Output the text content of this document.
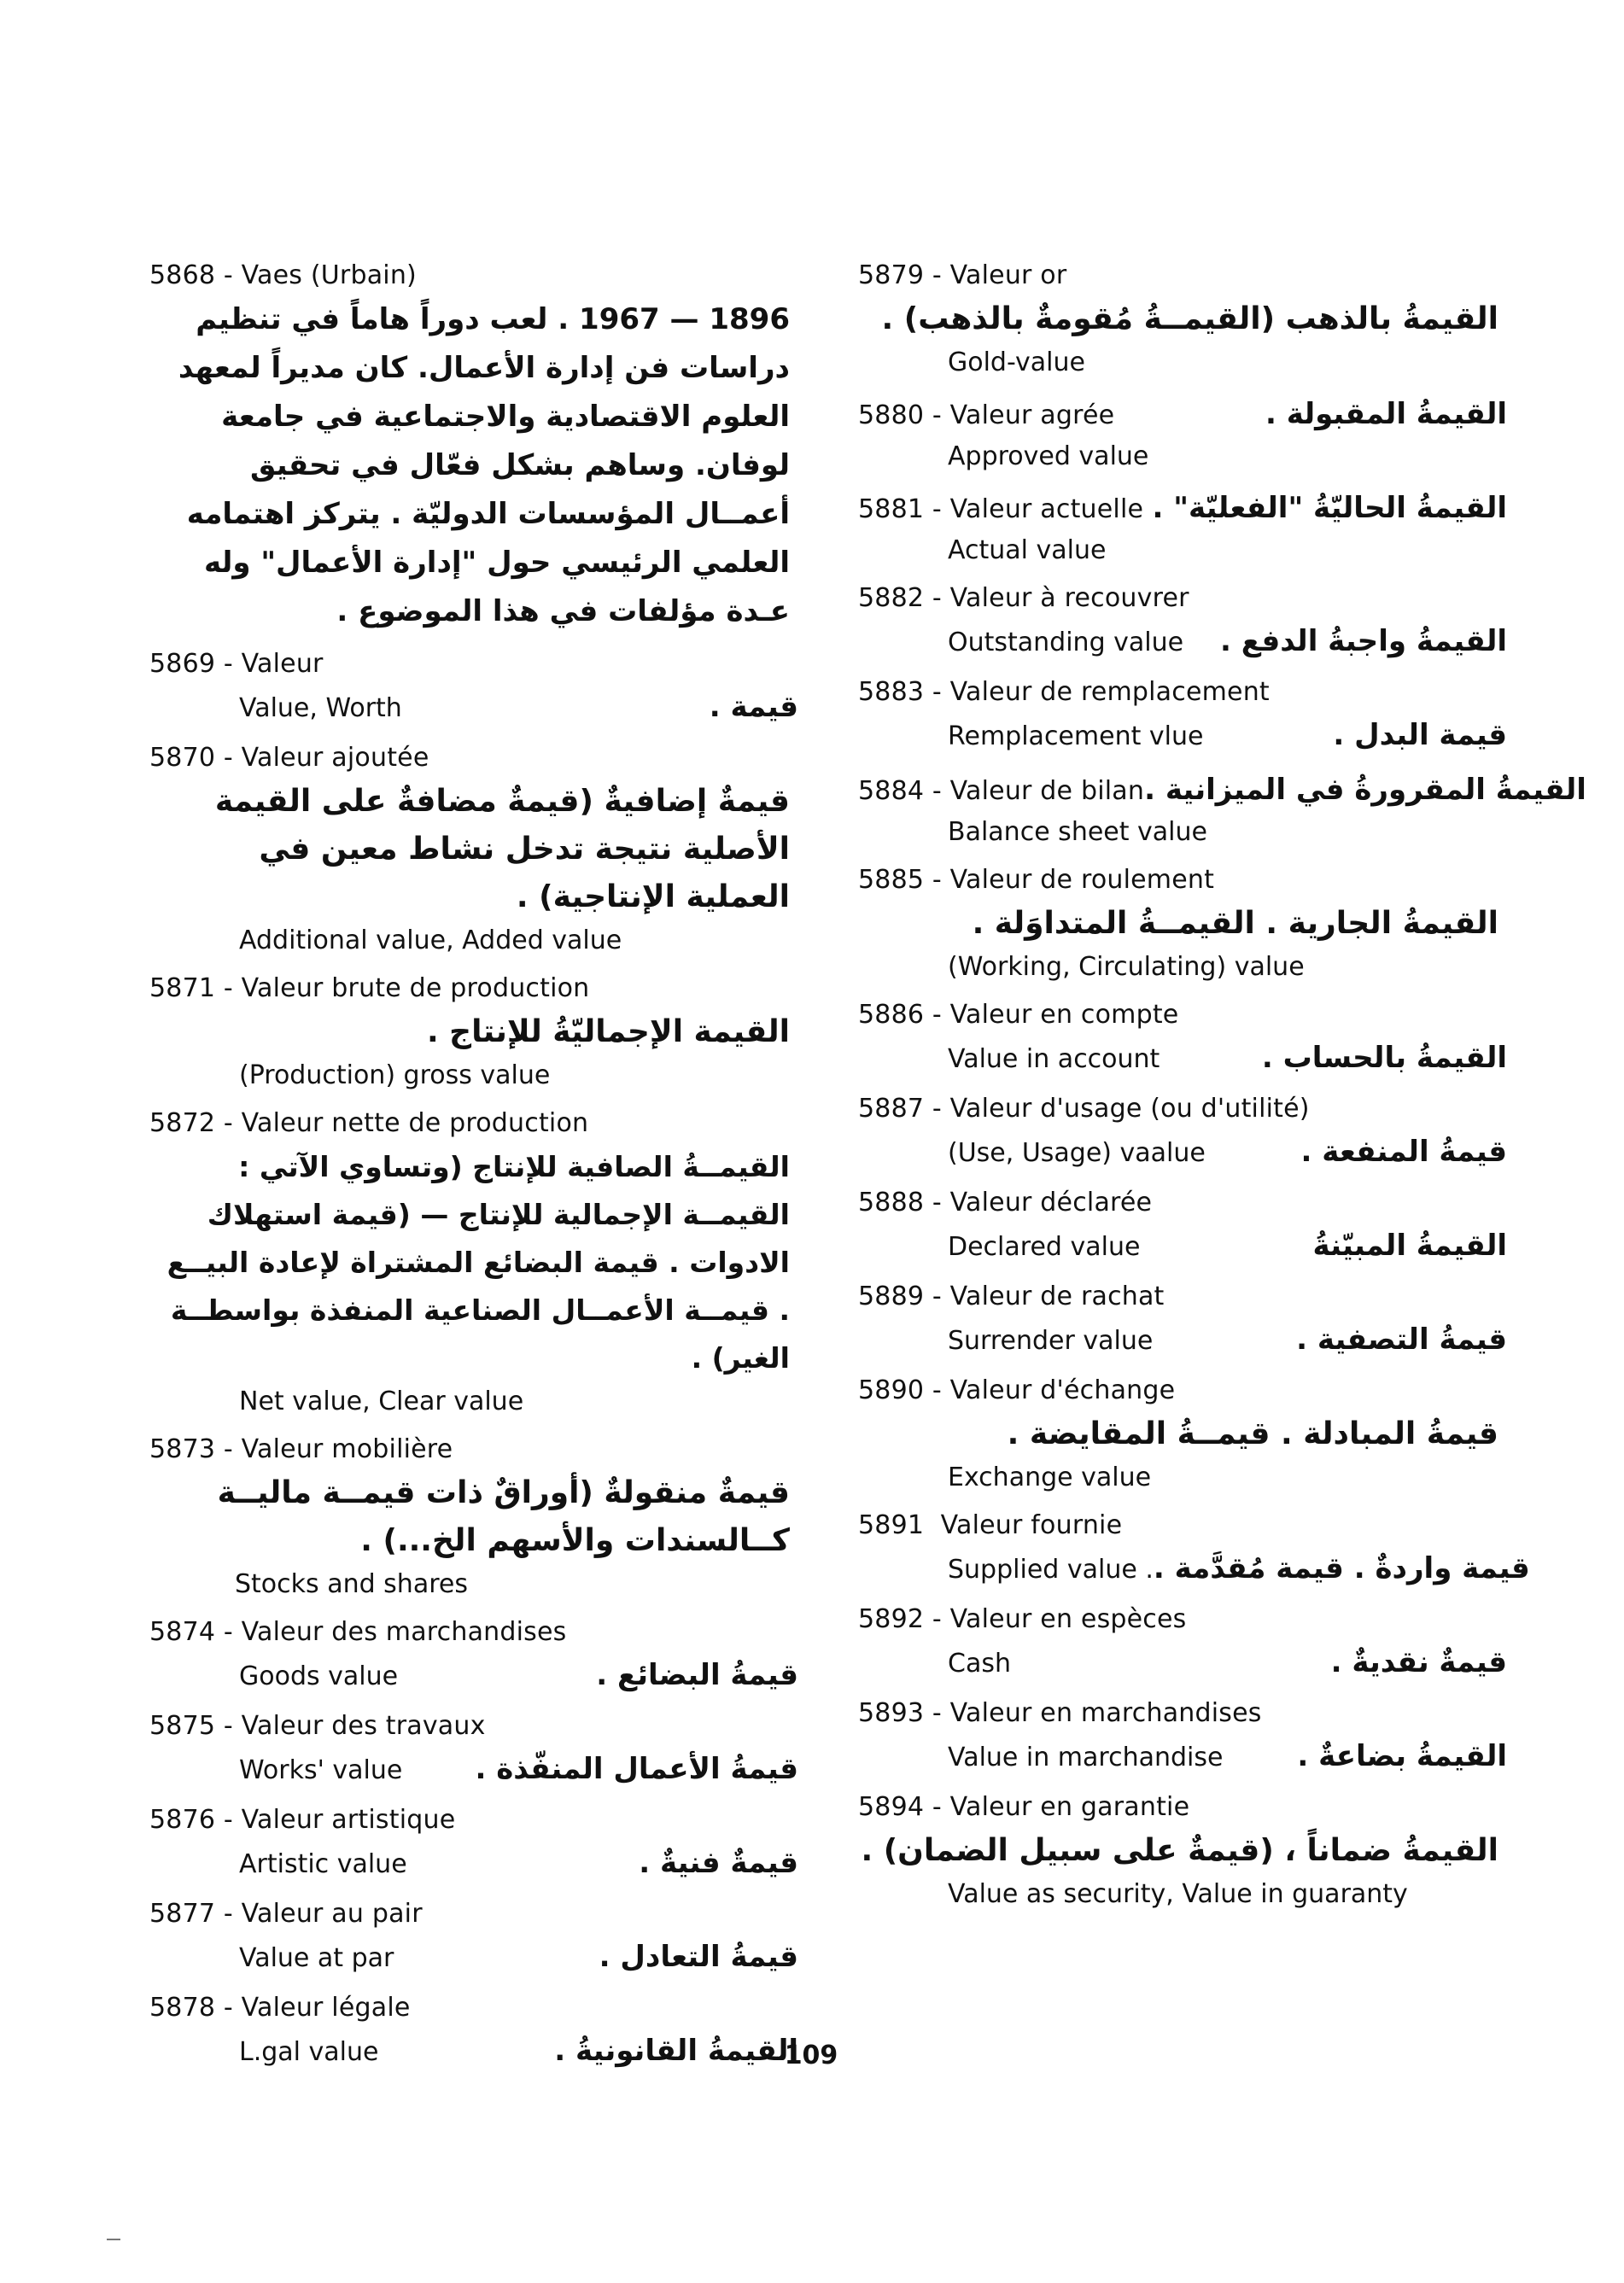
5868 - Vaes (Urbain)
1896 — 1967 . لعب دوراً هاماً في تنظيم دراسات فن إدارة الأعمال. كان مديراً لمعهد العلوم الاقتصادية والاجتماعية في جامعة لوفان. وساهم بشكل فعّال في تحقيق أعمــال المؤسسات الدوليّة . يتركز اهتمامه العلمي الرئيسي حول "إدارة الأعمال" وله عـدة مؤلفات في هذا الموضوع .
5869 - Valeur
Value, Worth	قيمة .
5870 - Valeur ajoutée
قيمةٌ إضافيةٌ (قيمةٌ مضافةٌ على القيمة الأصلية نتيجة تدخل نشاط معين في العملية الإنتاجية) .
Additional value, Added value
5871 - Valeur brute de production
القيمة الإجماليّةُ للإنتاج .
(Production) gross value
5872 - Valeur nette de production
القيمــةُ الصافية للإنتاج (وتساوي الآتي : القيمــة الإجمالية للإنتاج — (قيمة استهلاك الادوات . قيمة البضائع المشتراة لإعادة البيــع . قيمــة الأعمــال الصناعية المنفذة بواسطــة الغير) .
Net value, Clear value
5873 - Valeur mobilière
قيمةٌ منقولةٌ (أوراقٌ ذات قيمــة ماليــة كــالسندات والأسهم الخ...) .
Stocks and shares
5874 - Valeur des marchandises
Goods value	قيمةُ البضائع .
5875 - Valeur des travaux
Works' value	قيمةُ الأعمال المنفّذة .
5876 - Valeur artistique
Artistic value	قيمةٌ فنيةٌ .
5877 - Valeur au pair
Value at par	قيمةُ التعادل .
5878 - Valeur légale
L.gal value	القيمةُ القانونيةُ .
5879 - Valeur or
القيمةُ بالذهب (القيمــةُ مُقومةٌ بالذهب) .
Gold-value
5880 - Valeur agrée	القيمةُ المقبولة .
Approved value
5881 - Valeur actuelle القيمةُ الحاليّةُ "الفعليّة" .
Actual value
5882 - Valeur à recouvrer
Outstanding value القيمةُ واجبةُ الدفع .
5883 - Valeur de remplacement
Remplacement vlue	قيمة البدل .
5884 - Valeur de bilan القيمةُ المقرورةُ في الميزانية .
Balance sheet value
5885 - Valeur de roulement
القيمةُ الجارية . القيمــةُ المتداوَلة .
(Working, Circulating) value
5886 - Valeur en compte
Value in account	القيمةُ بالحساب .
5887 - Valeur d'usage (ou d'utilité)
(Use, Usage) vaalue	قيمةُ المنفعة .
5888 - Valeur déclarée
Declared value	القيمةُ المبيّنةُ
5889 - Valeur de rachat
Surrender value	قيمةُ التصفية .
5890 - Valeur d'échange
قيمةُ المبادلة . قيمــةُ المقايضة .
Exchange value
5891 Valeur fournie
Supplied value . قيمة واردةٌ . قيمة مُقدَّمة .
5892 - Valeur en espèces
Cash	قيمةٌ نقديةٌ .
5893 - Valeur en marchandises
Value in marchandise	القيمةُ بضاعةٌ .
5894 - Valeur en garantie
القيمةُ ضماناً ، (قيمةٌ على سبيل الضمان) .
Value as security, Value in guaranty
109
